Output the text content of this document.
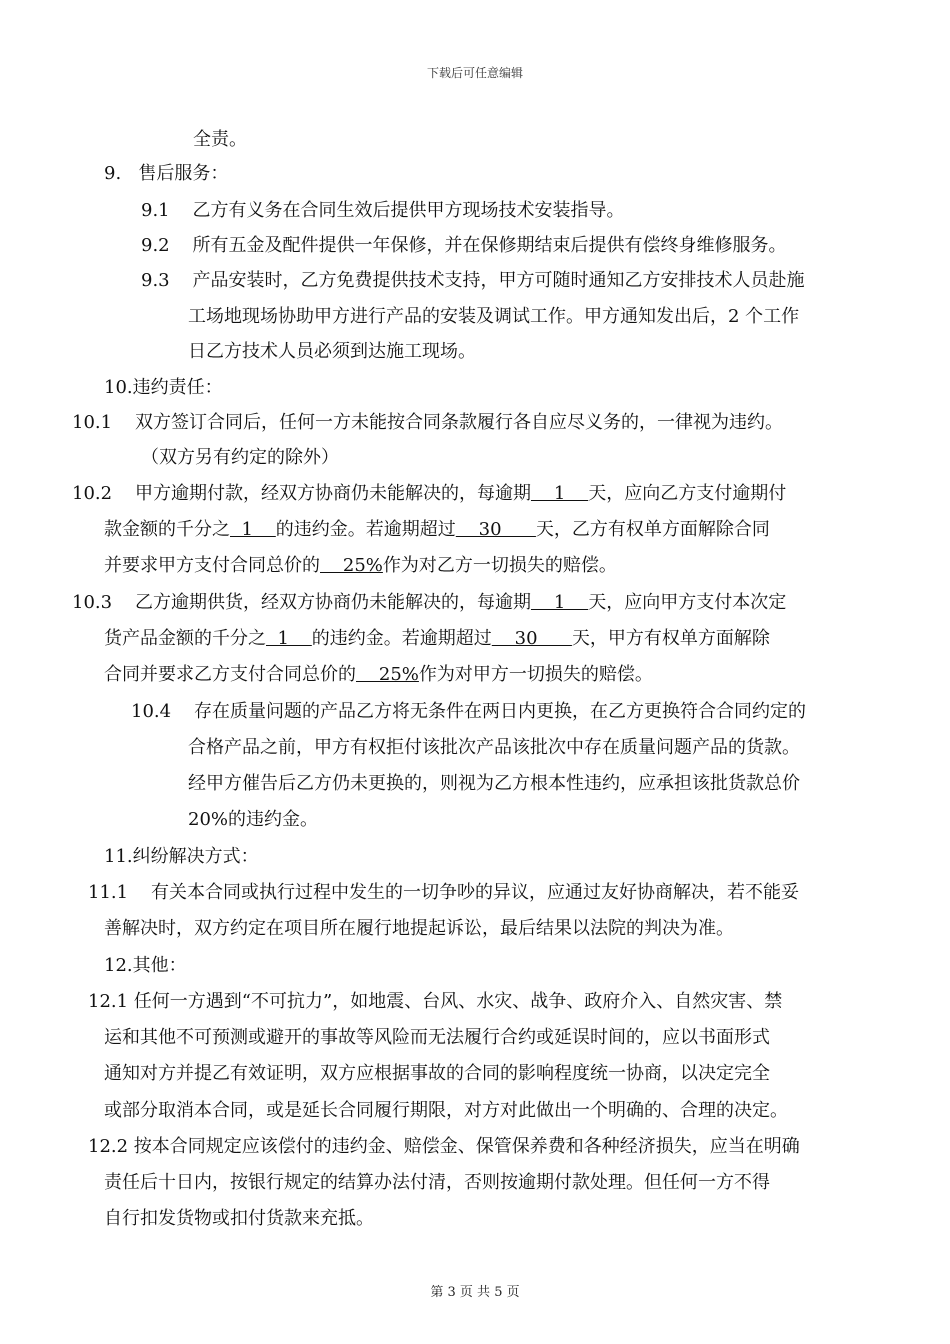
下载后可任意编辑
全责。
9.   售后服务：
9.1    乙方有义务在合同生效后提供甲方现场技术安装指导。
9.2    所有五金及配件提供一年保修，并在保修期结束后提供有偿终身维修服务。
9.3    产品安装时，乙方免费提供技术支持，甲方可随时通知乙方安排技术人员赴施
工场地现场协助甲方进行产品的安装及调试工作。甲方通知发出后，2 个工作
日乙方技术人员必须到达施工现场。
10.违约责任：
10.1    双方签订合同后，任何一方未能按合同条款履行各自应尽义务的，一律视为违约。
（双方另有约定的除外）
10.2    甲方逾期付款，经双方协商仍未能解决的，每逾期    1    天，应向乙方支付逾期付
款金额的千分之  1    的违约金。若逾期超过    30      天，乙方有权单方面解除合同
并要求甲方支付合同总价的    25%作为对乙方一切损失的赔偿。
10.3    乙方逾期供货，经双方协商仍未能解决的，每逾期    1    天，应向甲方支付本次定
货产品金额的千分之  1    的违约金。若逾期超过    30      天，甲方有权单方面解除
合同并要求乙方支付合同总价的    25%作为对甲方一切损失的赔偿。
10.4    存在质量问题的产品乙方将无条件在两日内更换，在乙方更换符合合同约定的
合格产品之前，甲方有权拒付该批次产品该批次中存在质量问题产品的货款。
经甲方催告后乙方仍未更换的，则视为乙方根本性违约，应承担该批货款总价
20%的违约金。
11.纠纷解决方式：
11.1    有关本合同或执行过程中发生的一切争吵的异议，应通过友好协商解决，若不能妥
善解决时，双方约定在项目所在履行地提起诉讼，最后结果以法院的判决为准。
12.其他：
12.1 任何一方遇到“不可抗力”，如地震、台风、水灾、战争、政府介入、自然灾害、禁
运和其他不可预测或避开的事故等风险而无法履行合约或延误时间的，应以书面形式
通知对方并提乙有效证明，双方应根据事故的合同的影响程度统一协商，以决定完全
或部分取消本合同，或是延长合同履行期限，对方对此做出一个明确的、合理的决定。
12.2 按本合同规定应该偿付的违约金、赔偿金、保管保养费和各种经济损失，应当在明确
责任后十日内，按银行规定的结算办法付清，否则按逾期付款处理。但任何一方不得
自行扣发货物或扣付货款来充抵。
第 3 页 共 5 页
